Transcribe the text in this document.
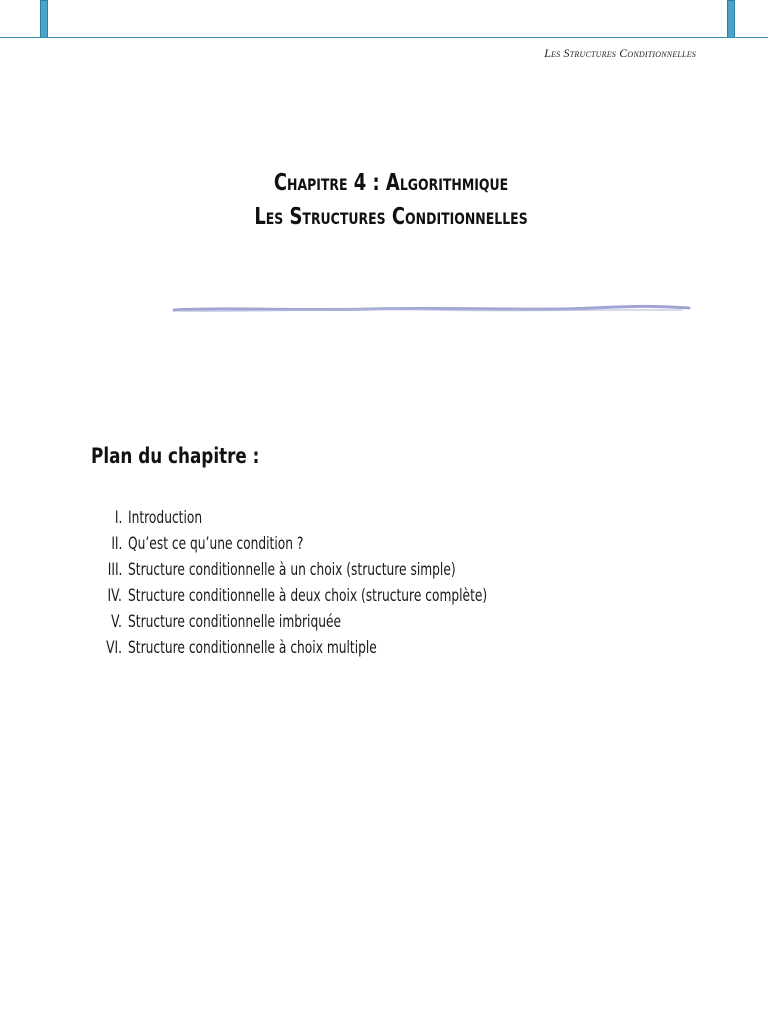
Les Structures Conditionnelles
Chapitre 4 : Algorithmique
Les Structures Conditionnelles
Plan du chapitre :
I. Introduction
II. Qu’est ce qu’une condition ?
III. Structure conditionnelle à un choix (structure simple)
IV. Structure conditionnelle à deux choix (structure complète)
V. Structure conditionnelle imbriquée
VI. Structure conditionnelle à choix multiple
